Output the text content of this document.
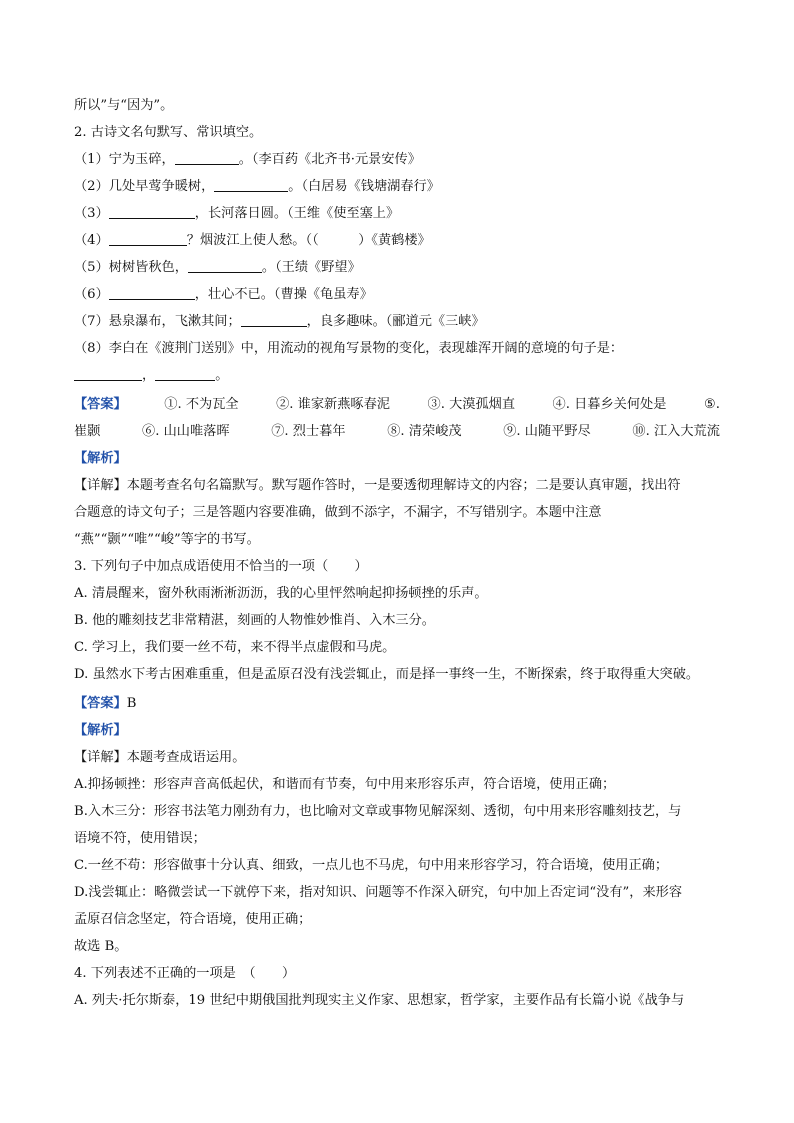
所以”与“因为”。
2. 古诗文名句默写、常识填空。
（1）宁为玉碎，	。（李百药《北齐书·元景安传》
（2）几处早莺争暖树，	。（白居易《钱塘湖春行》
（3）	，长河落日圆。（王维《使至塞上》
（4）	？烟波江上使人愁。（（　　　）《黄鹤楼》
（5）树树皆秋色，	。（王绩《野望》
（6）	，壮心不已。（曹操《龟虽寿》
（7）悬泉瀑布，飞漱其间；	，良多趣味。（郦道元《三峡》
（8）李白在《渡荆门送别》中，用流动的视角写景物的变化，表现雄浑开阔的意境的句子是：
，	。
【答案】	①. 不为瓦全	②. 谁家新燕啄春泥	③. 大漠孤烟直	④. 日暮乡关何处是	⑤.
崔颢	⑥. 山山唯落晖	⑦. 烈士暮年	⑧. 清荣峻茂	⑨. 山随平野尽	⑩. 江入大荒流
【解析】
【详解】本题考查名句名篇默写。默写题作答时，一是要透彻理解诗文的内容；二是要认真审题，找出符
合题意的诗文句子；三是答题内容要准确，做到不添字，不漏字，不写错别字。本题中注意
“燕”“颢”“唯”“峻”等字的书写。
3. 下列句子中加点成语使用不恰当的一项（　　）
A. 清晨醒来，窗外秋雨淅淅沥沥，我的心里怦然响起抑扬顿挫的乐声。
B. 他的雕刻技艺非常精湛，刻画的人物惟妙惟肖、入木三分。
C. 学习上，我们要一丝不苟，来不得半点虚假和马虎。
D. 虽然水下考古困难重重，但是孟原召没有浅尝辄止，而是择一事终一生，不断探索，终于取得重大突破。
【答案】B
【解析】
【详解】本题考查成语运用。
A.抑扬顿挫：形容声音高低起伏，和谐而有节奏，句中用来形容乐声，符合语境，使用正确；
B.入木三分：形容书法笔力刚劲有力，也比喻对文章或事物见解深刻、透彻，句中用来形容雕刻技艺，与
语境不符，使用错误；
C.一丝不苟：形容做事十分认真、细致，一点儿也不马虎，句中用来形容学习，符合语境，使用正确；
D.浅尝辄止：略微尝试一下就停下来，指对知识、问题等不作深入研究，句中加上否定词“没有”，来形容
孟原召信念坚定，符合语境，使用正确；
故选 B。
4. 下列表述不正确的一项是　（　　）
A. 列夫·托尔斯泰，19 世纪中期俄国批判现实主义作家、思想家，哲学家，主要作品有长篇小说《战争与
